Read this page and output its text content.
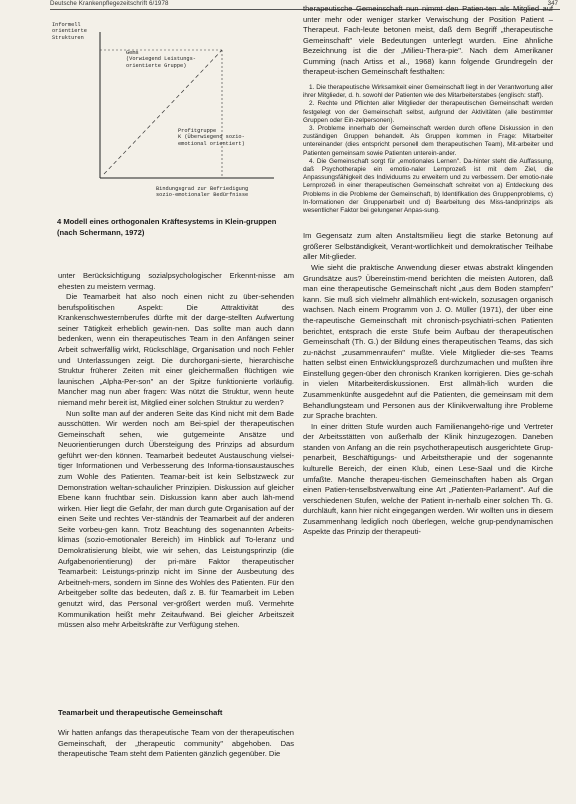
Deutsche Krankenpflegezeitschrift 6/1978	347
Informell
orientierte
Strukturen
Gems
(Vorwiegend Leistungs-
orientierte Gruppe)
Profitgruppe
K (Überwiegend sozio-
emotional orientiert)
Bindungsgrad zur Befriedigung
sozio-emotionaler Bedürfnisse
4 Modell eines orthogonalen Kräftesystems in Klein-gruppen (nach Schermann, 1972)

unter Berücksichtigung sozialpsychologischer Erkennt-nisse am ehesten zu meistern vermag.

Die Teamarbeit hat also noch einen nicht zu über-sehenden berufspolitischen Aspekt: Die Attraktivität des Krankenschwesternberufes dürfte mit der darge-stellten Aufwertung seiner Tätigkeit erheblich gewin-nen. Das sollte man auch dann bedenken, wenn ein therapeutisches Team in den Anfängen seiner Arbeit schwerfällig wirkt, Rückschläge, Organisation und noch Fehler und Unterlassungen zeigt. Die durchorgani-sierte, hierarchische Struktur früherer Zeiten mit einer gleichermaßen flüchtigen wie launischen „Alpha-Per-son" an der Spitze funktionierte vorläufig. Mancher mag nun aber fragen: Was nützt die Struktur, wenn heute niemand mehr bereit ist, Mitglied einer solchen Struktur zu werden?

Nun sollte man auf der anderen Seite das Kind nicht mit dem Bade ausschütten. Wir werden noch am Bei-spiel der therapeutischen Gemeinschaft sehen, wie gutgemeinte Ansätze und Neuorientierungen durch Übersteigung des Prinzips ad absurdum geführt wer-den können. Teamarbeit bedeutet Austauschung vielsei-tiger Informationen und Verbesserung des Informa-tionsaustausches zum Wohle des Patienten. Teamar-beit ist kein Selbstzweck zur Demonstration weltan-schaulicher Prinzipien. Diskussion auf gleicher Ebene kann fruchtbar sein. Diskussion kann aber auch läh-mend wirken. Hier liegt die Gefahr, der man durch gute Organisation auf der einen Seite und rechtes Ver-ständnis der Teamarbeit auf der anderen Seite vorbeu-gen kann. Trotz Beachtung des sogenannten Arbeits-klimas (sozio-emotionaler Bereich) im Hinblick auf To-leranz und Demokratisierung bleibt, wie wir sehen, das Leistungsprinzip (die Aufgabenorientierung) der pri-märe Faktor therapeutischer Teamarbeit: Leistungs-prinzip nicht im Sinne der Ausbeutung des Arbeitneh-mers, sondern im Sinne des Wohles des Patienten. Für den Arbeitgeber sollte das bedeuten, daß z. B. für Teamarbeit im Leben genutzt wird, das Personal ver-größert werden muß. Vermehrte Kommunikation heißt mehr Zeitaufwand. Bei gleicher Arbeitszeit müssen also mehr Arbeitskräfte zur Verfügung stehen.

Teamarbeit und therapeutische Gemeinschaft

Wir hatten anfangs das therapeutische Team von der therapeutischen Gemeinschaft, der „therapeutic community" abgehoben. Das therapeutische Team steht dem Patienten gänzlich gegenüber. Die

therapeutische Gemeinschaft nun nimmt den Patien-ten als Mitglied auf unter mehr oder weniger starker Verwischung der Position Patient – Therapeut. Fach-leute betonen meist, daß dem Begriff „therapeutische Gemeinschaft" viele Bedeutungen unterlegt wurden. Eine ähnliche Bezeichnung ist die der „Milieu-Thera-pie". Nach dem Amerikaner Cumming (nach Artiss et al., 1968) kann folgende Grundregeln der therapeut-ischen Gemeinschaft festhalten:

1. Die therapeutische Wirksamkeit einer Gemeinschaft liegt in der Verantwortung aller ihrer Mitglieder, d. h. sowohl der Patienten wie des Mitarbeiterstabes (englisch: staff).

2. Rechte und Pflichten aller Mitglieder der therapeutischen Gemeinschaft werden festgelegt von der Gemeinschaft selbst, aufgrund der Aktivitäten (alle bestimmter Gruppen oder Ein-zelpersonen).

3. Probleme innerhalb der Gemeinschaft werden durch offene Diskussion in den zuständigen Gruppen behandelt. Als Gruppen kommen in Frage: Mitarbeiter untereinander (dies entspricht personell dem therapeutischen Team), Mit-arbeiter und Patienten gemeinsam sowie Patienten unterein-ander.

4. Die Gemeinschaft sorgt für „emotionales Lernen". Da-hinter steht die Auffassung, daß Psychotherapie ein emotio-naler Lernprozeß ist mit dem Ziel, die Anpassungsfähigkeit des Individuums zu erweitern und zu verbessern. Der emotio-nale Lernprozeß in einer therapeutischen Gemeinschaft schreitet von a) Entdeckung des Problems in die Probleme der Gemeinschaft, b) Identifikation des Gruppenproblems, c) In-formationen der Gruppenarbeit und d) Bearbeitung des Miss-tandprinzips als wesentlicher Faktor bei gelungener Anpas-sung.

Im Gegensatz zum alten Anstaltsmilieu liegt die starke Betonung auf größerer Selbständigkeit, Verant-wortlichkeit und demokratischer Teilhabe aller Mit-glieder.

Wie sieht die praktische Anwendung dieser etwas abstrakt klingenden Grundsätze aus? Übereinstim-mend berichten die meisten Autoren, daß man eine therapeutische Gemeinschaft nicht „aus dem Boden stampfen" kann. Sie muß sich vielmehr allmählich ent-wickeln, sozusagen organisch wachsen. Nach einem Programm von J. O. Müller (1971), der über eine the-rapeutische Gemeinschaft mit chronisch-psychiatri-schen Patienten berichtet, entsprach die erste Stufe beim Aufbau der therapeutischen Gemeinschaft (Th. G.) der Bildung eines therapeutischen Teams, das sich zu-nächst „zusammenraufen" mußte. Viele Mitglieder die-ses Teams hatten selbst einen Entwicklungsprozeß durchzumachen und mußten ihre Einstellung gegen-über den chronisch Kranken korrigieren. Dies ge-schah in vielen Mitarbeiterdiskussionen. Erst allmäh-lich wurden die Zusammenkünfte ausgedehnt auf die Patienten, die gemeinsam mit dem Behandlungsteam und Personen aus der Klinikverwaltung ihre Probleme zur Sprache brachten.

In einer dritten Stufe wurden auch Familienangehö-rige und Vertreter der Arbeitsstätten von außerhalb der Klinik hinzugezogen. Daneben standen von Anfang an die rein psychotherapeutisch ausgerichtete Grup-penarbeit, Beschäftigungs- und Arbeitstherapie und der sogenannte kulturelle Bereich, der einen Klub, einen Lese-Saal und die Kirche umfaßte. Manche therapeu-tischen Gemeinschaften haben als Organ einen Patien-tenselbstverwaltung eine Art „Patienten-Parlament". Auf die verschiedenen Stufen, welche der Patient in-nerhalb einer solchen Th. G. durchläuft, kann hier nicht eingegangen werden. Wir wollten uns in diesem Zusammenhang lediglich noch überlegen, welche grup-pendynamischen Aspekte das Prinzip der therapeuti-
